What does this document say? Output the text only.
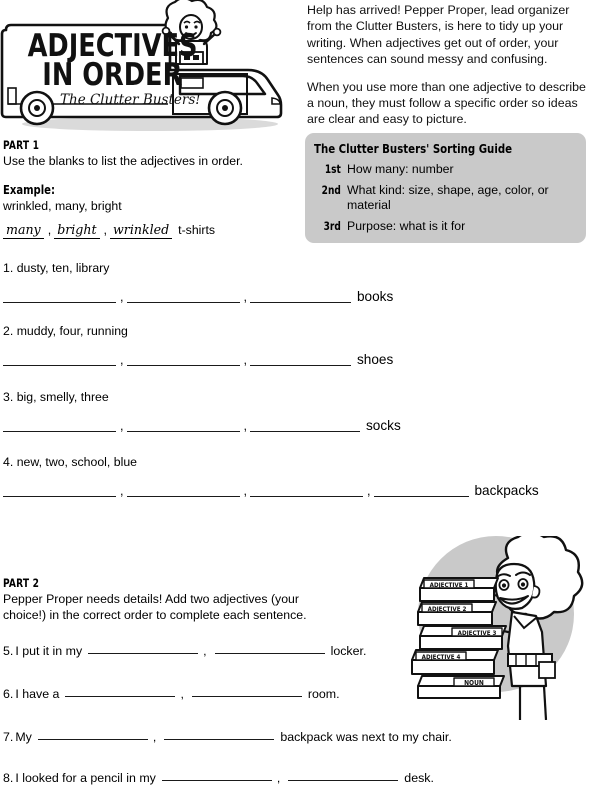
ADJECTIVES
IN ORDER
The Clutter Busters!

Help has arrived! Pepper Proper, lead organizer from the Clutter Busters, is here to tidy up your writing. When adjectives get out of order, your sentences can sound messy and confusing.

When you use more than one adjective to describe a noun, they must follow a specific order so ideas are clear and easy to picture.

The Clutter Busters' Sorting Guide
1st How many: number
2nd What kind: size, shape, age, color, or material
3rd Purpose: what is it for
PART 1
Use the blanks to list the adjectives in order.
Example:
wrinkled, many, bright
many , bright , wrinkled t-shirts
1. dusty, ten, library
,	,	books
2. muddy, four, running
,	,	shoes
3. big, smelly, three
,	,	socks
4. new, two, school, blue
,	,	,	backpacks
PART 2
Pepper Proper needs details! Add two adjectives (your choice!) in the correct order to complete each sentence.
5. I put it in my	,	locker.
6. I have a	,	room.
7. My	,	backpack was next to my chair.
8. I looked for a pencil in my	,	desk.
NOUN
ADJECTIVE 4
ADJECTIVE 3
ADJECTIVE 2
ADJECTIVE 1
